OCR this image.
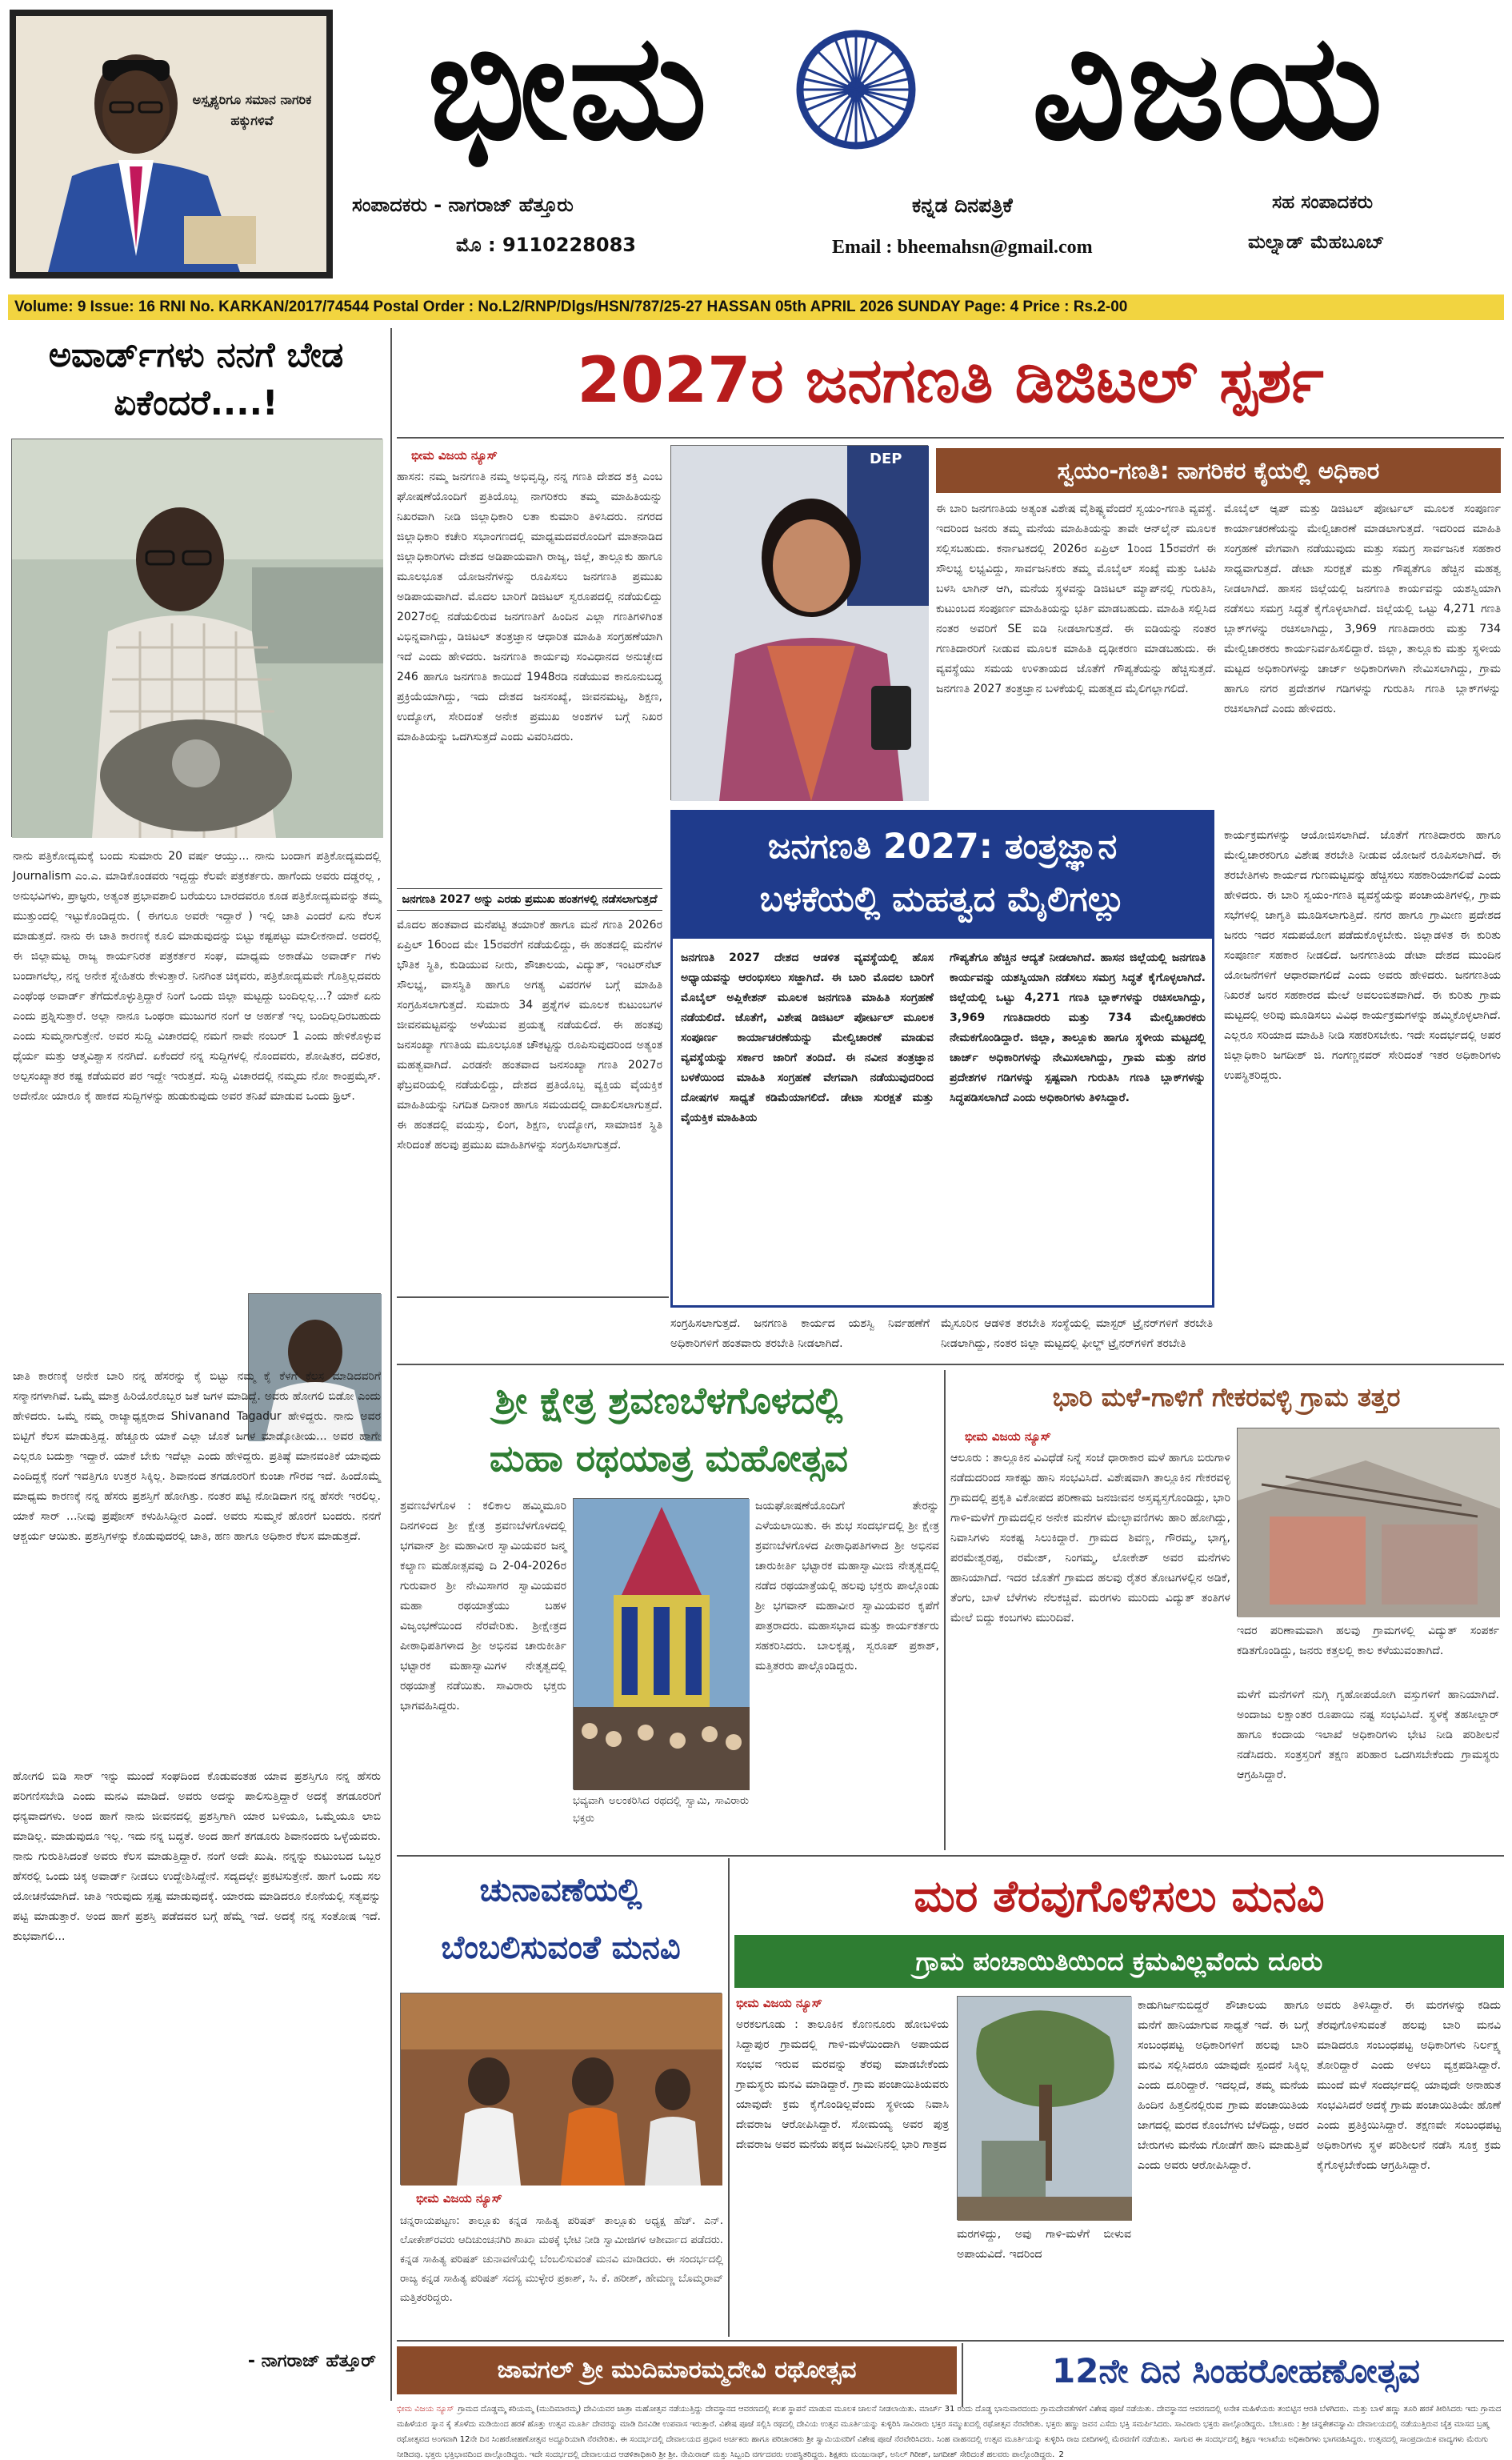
ಅಸ್ಪೃಶ್ಯರಿಗೂ ಸಮಾನ ನಾಗರಿಕ ಹಕ್ಕುಗಳಿವೆ	ಭೀಮ	ವಿಜಯ
ಸಂಪಾದಕರು - ನಾಗರಾಜ್ ಹೆತ್ತೂರು
ಮೊ : 9110228083
ಕನ್ನಡ ದಿನಪತ್ರಿಕೆ
Email : bheemahsn@gmail.com
ಸಹ ಸಂಪಾದಕರು
ಮಲ್ನಾಡ್ ಮೆಹಬೂಬ್
Volume: 9 Issue: 16 RNI No. KARKAN/2017/74544 Postal Order : No.L2/RNP/Dlgs/HSN/787/25-27 HASSAN 05th APRIL 2026 SUNDAY Page: 4 Price : Rs.2-00
ಅವಾರ್ಡ್‌ಗಳು ನನಗೆ ಬೇಡ ಏಕೆಂದರೆ....!
ನಾನು ಪತ್ರಿಕೋದ್ಯಮಕ್ಕೆ ಬಂದು ಸುಮಾರು 20 ವರ್ಷ ಆಯ್ತು... ನಾನು ಬಂದಾಗ ಪತ್ರಿಕೋದ್ಯಮದಲ್ಲಿ Journalism ಎಂ.ಎ. ಮಾಡಿಕೊಂಡವರು ಇದ್ದದ್ದು ಕೆಲವೇ ಪತ್ರಕರ್ತರು. ಹಾಗೆಂದು ಅವರು ದಡ್ಡರಲ್ಲ , ಅನುಭವಿಗಳು, ಪ್ರಾಜ್ಞರು, ಅತ್ಯಂತ ಪ್ರಭಾವಶಾಲಿ ಬರೆಯಲು ಬಾರದವರೂ ಕೂಡ ಪತ್ರಿಕೋದ್ಯಮವನ್ನು ತಮ್ಮ ಮುತ್ತುಂದಲ್ಲಿ ಇಟ್ಟುಕೊಂಡಿದ್ದರು. ( ಈಗಲೂ ಅವರೇ ಇದ್ದಾರೆ ) ಇಲ್ಲಿ ಜಾತಿ ಎಂದರೆ ಏನು ಕೆಲಸ ಮಾಡುತ್ತದೆ. ನಾನು ಈ ಜಾತಿ ಕಾರಣಕ್ಕೆ ಕೂಲಿ ಮಾಡುವುದನ್ನು ಬಿಟ್ಟು ಕಷ್ಟಪಟ್ಟು ಮಾಲೀಕನಾದೆ. ಅದರಲ್ಲಿ ಈ ಜಿಲ್ಲಾಮಟ್ಟ ರಾಜ್ಯ ಕಾರ್ಯನಿರತ ಪತ್ರಕರ್ತರ ಸಂಘ, ಮಾಧ್ಯಮ ಅಕಾಡೆಮಿ ಅವಾರ್ಡ್ ಗಳು ಬಂದಾಗಲೆಲ್ಲ, ನನ್ನ ಅನೇಕ ಸ್ನೇಹಿತರು ಕೇಳುತ್ತಾರೆ. ನಿನಗಿಂತ ಚಿಕ್ಕವರು, ಪತ್ರಿಕೋದ್ಯಮವೇ ಗೊತ್ತಿಲ್ಲದವರು ಎಂಥೆಂಥ ಅವಾರ್ಡ್ ತೆಗೆದುಕೊಳ್ಳುತ್ತಿದ್ದಾರೆ ನಿಂಗೆ ಒಂದು ಜಿಲ್ಲಾ ಮಟ್ಟದ್ದು ಬಂದಿಲ್ಲಲ್ಲ...? ಯಾಕೆ ಏನು ಎಂದು ಪ್ರಶ್ನಿಸುತ್ತಾರೆ. ಅಲ್ಲಾ ನಾನೂ ಒಂಥರಾ ಮುಜುಗರ ನಂಗೆ ಆ ಅರ್ಹತೆ ಇಲ್ಲ ಬಂದಿಲ್ಲದಿರಬಹುದು ಎಂದು ಸುಮ್ಮನಾಗುತ್ತೇನೆ. ಅವರ ಸುದ್ದಿ ವಿಚಾರದಲ್ಲಿ ನಮಗೆ ನಾವೇ ನಂಬರ್ 1 ಎಂದು ಹೇಳಿಕೊಳ್ಳುವ ಧೈರ್ಯ ಮತ್ತು ಆತ್ಮವಿಶ್ವಾಸ ನನಗಿದೆ. ಏಕೆಂದರೆ ನನ್ನ ಸುದ್ದಿಗಳಲ್ಲಿ ನೊಂದವರು, ಶೋಷಿತರ, ದಲಿತರ, ಅಲ್ಪಸಂಖ್ಯಾತರ ಕಷ್ಟ ಕಡೆಯವರ ಪರ ಇದ್ದೇ ಇರುತ್ತದೆ. ಸುದ್ದಿ ವಿಚಾರದಲ್ಲಿ ನಮ್ಮದು ನೋ ಕಾಂಪ್ರಮೈಸ್. ಅದೇನೋ ಯಾರೂ ಕೈ ಹಾಕದ ಸುದ್ದಿಗಳನ್ನು ಹುಡುಕುವುದು ಅವರ ತನಿಖೆ ಮಾಡುವ ಒಂದು ಥ್ರಿಲ್.
ಜಾತಿ ಕಾರಣಕ್ಕೆ ಅನೇಕ ಬಾರಿ ನನ್ನ ಹೆಸರನ್ನು ಕೈ ಬಿಟ್ಟು ನಮ್ಮ ಕೈ ಕೆಳಗೆ ಕೆಲಸ ಮಾಡಿದವರಿಗೆ ಸನ್ಮಾನಗಳಾಗಿವೆ. ಒಮ್ಮೆ ಮಾತ್ರ ಹಿರಿಯೊರೊಬ್ಬರ ಜತೆ ಜಗಳ ಮಾಡಿದ್ದೆ. ಅವರು ಹೋಗಲಿ ಬಿಡೋ ಎಂದು ಹೇಳಿದರು. ಒಮ್ಮೆ ನಮ್ಮ ರಾಜ್ಯಾಧ್ಯಕ್ಷರಾದ Shivanand Tagadur ಹೇಳಿದ್ದರು. ನಾನು ಅವರ ಬಿಟ್ಟಿಗೆ ಕೆಲಸ ಮಾಡುತ್ತಿದ್ದ. ಹೆಚ್ಚೂರು ಯಾಕೆ ಎಲ್ಲಾ ಜೊತೆ ಜಗಳ ಮಾಡ್ಕೋತೀಯ... ಅವರ ಹಾಗೇ ಎಲ್ಲರೂ ಬದುಕ್ತಾ ಇದ್ದಾರೆ. ಯಾಕೆ ಬೇಕು ಇದೆಲ್ಲಾ ಎಂದು ಹೇಳಿದ್ದರು. ಪ್ರತಿಷ್ಠೆ ಮಾನವಂತಿಕೆ ಯಾವುದು ಎಂದಿದ್ದಕ್ಕೆ ನಂಗೆ ಇವತ್ತಿಗೂ ಉತ್ತರ ಸಿಕ್ಕಿಲ್ಲ. ಶಿವಾನಂದ ತಗಡೂರರಿಗೆ ಕುಂಚಾ ಗೌರವ ಇದೆ. ಹಿಂದೊಮ್ಮೆ ಮಾಧ್ಯಮ ಕಾರಣಕ್ಕೆ ನನ್ನ ಹೆಸರು ಪ್ರಶಸ್ತಿಗೆ ಹೋಗಿತ್ತು. ನಂತರ ಪಟ್ಟಿ ನೋಡಿದಾಗ ನನ್ನ ಹೆಸರೇ ಇರಲಿಲ್ಲ. ಯಾಕೆ ಸಾರ್ ...ನೀವು ಪ್ರಪೋಸ್ ಕಳುಹಿಸಿದ್ದೀರ ಎಂದೆ. ಅವರು ಸುಮ್ಮನೆ ಹೊರಗೆ ಬಂದರು. ನನಗೆ ಆಶ್ಚರ್ಯ ಆಯಿತು. ಪ್ರಶಸ್ತಿಗಳನ್ನು ಕೊಡುವುದರಲ್ಲಿ ಜಾತಿ, ಹಣ ಹಾಗೂ ಅಧಿಕಾರ ಕೆಲಸ ಮಾಡುತ್ತದೆ.
ಹೋಗಲಿ ಬಿಡಿ ಸಾರ್ ಇನ್ನು ಮುಂದೆ ಸಂಘದಿಂದ ಕೊಡುವಂತಹ ಯಾವ ಪ್ರಶಸ್ತಿಗೂ ನನ್ನ ಹೆಸರು ಪರಿಗಣಿಸಬೇಡಿ ಎಂದು ಮನವಿ ಮಾಡಿದೆ. ಅವರು ಅದನ್ನು ಪಾಲಿಸುತ್ತಿದ್ದಾರೆ ಅದಕ್ಕೆ ತಗಡೂರರಿಗೆ ಧನ್ಯವಾದಗಳು. ಅಂದ ಹಾಗೆ ನಾನು ಜೀವನದಲ್ಲಿ ಪ್ರಶಸ್ತಿಗಾಗಿ ಯಾರ ಬಳಿಯೂ, ಒಮ್ಮೆಯೂ ಲಾಬಿ ಮಾಡಿಲ್ಲ. ಮಾಡುವುದೂ ಇಲ್ಲ. ಇದು ನನ್ನ ಬದ್ಧತೆ. ಅಂದ ಹಾಗೆ ತಗಡೂರು ಶಿವಾನಂದರು ಒಳ್ಳೆಯವರು. ನಾನು ಗುರುತಿಸಿದಂತೆ ಅವರು ಕೆಲಸ ಮಾಡುತ್ತಿದ್ದಾರೆ. ನಂಗೆ ಅದೇ ಖುಷಿ. ನನ್ನನ್ನು ಕುಟುಂಬದ ಒಬ್ಬರ ಹೆಸರಲ್ಲಿ ಒಂದು ಚಿಕ್ಕ ಅವಾರ್ಡ್ ನೀಡಲು ಉದ್ದೇಶಿಸಿದ್ದೇನೆ. ಸದ್ಯದಲ್ಲೇ ಪ್ರಕಟಿಸುತ್ತೇನೆ. ಹಾಗೆ ಒಂದು ಸಲ ಯೋಚನೆಯಾಗಿದೆ. ಜಾತಿ ಇರುವುದು ಸ್ಪಷ್ಟ ಮಾಡುವುದಕ್ಕೆ. ಯಾರದು ಮಾಡಿದರೂ ಕೊನೆಯಲ್ಲಿ ಸತ್ಯವನ್ನು ಪಟ್ಟಿ ಮಾಡುತ್ತಾರೆ. ಅಂದ ಹಾಗೆ ಪ್ರಶಸ್ತಿ ಪಡೆದವರ ಬಗ್ಗೆ ಹೆಮ್ಮೆ ಇದೆ. ಅದಕ್ಕೆ ನನ್ನ ಸಂತೋಷ ಇದೆ. ಶುಭವಾಗಲಿ...
- ನಾಗರಾಜ್ ಹೆತ್ತೂರ್
2027ರ ಜನಗಣತಿ ಡಿಜಿಟಲ್ ಸ್ಪರ್ಶ
ಭೀಮ ವಿಜಯ ನ್ಯೂಸ್
ಹಾಸನ: ನಮ್ಮ ಜನಗಣತಿ ನಮ್ಮ ಅಭಿವೃದ್ಧಿ, ನನ್ನ ಗಣತಿ ದೇಶದ ಶಕ್ತಿ ಎಂಬ ಘೋಷಣೆಯೊಂದಿಗೆ ಪ್ರತಿಯೊಬ್ಬ ನಾಗರಿಕರು ತಮ್ಮ ಮಾಹಿತಿಯನ್ನು ನಿಖರವಾಗಿ ನೀಡಿ ಜಿಲ್ಲಾಧಿಕಾರಿ ಲತಾ ಕುಮಾರಿ ತಿಳಿಸಿದರು. ನಗರದ ಜಿಲ್ಲಾಧಿಕಾರಿ ಕಚೇರಿ ಸಭಾಂಗಣದಲ್ಲಿ ಮಾಧ್ಯಮದವರೊಂದಿಗೆ ಮಾತನಾಡಿದ ಜಿಲ್ಲಾಧಿಕಾರಿಗಳು ದೇಶದ ಅಡಿಪಾಯವಾಗಿ ರಾಜ್ಯ, ಜಿಲ್ಲೆ, ತಾಲ್ಲೂಕು ಹಾಗೂ ಮೂಲಭೂತ ಯೋಜನೆಗಳನ್ನು ರೂಪಿಸಲು ಜನಗಣತಿ ಪ್ರಮುಖ ಅಡಿಪಾಯವಾಗಿದೆ. ಮೊದಲ ಬಾರಿಗೆ ಡಿಜಿಟಲ್ ಸ್ವರೂಪದಲ್ಲಿ ನಡೆಯಲಿದ್ದು 2027ರಲ್ಲಿ ನಡೆಯಲಿರುವ ಜನಗಣತಿಗೆ ಹಿಂದಿನ ಎಲ್ಲಾ ಗಣತಿಗಳಿಗಿಂತ ವಿಭಿನ್ನವಾಗಿದ್ದು, ಡಿಜಿಟಲ್ ತಂತ್ರಜ್ಞಾನ ಆಧಾರಿತ ಮಾಹಿತಿ ಸಂಗ್ರಹಣೆಯಾಗಿ ಇದೆ ಎಂದು ಹೇಳಿದರು. ಜನಗಣತಿ ಕಾರ್ಯವು ಸಂವಿಧಾನದ ಅನುಚ್ಛೇದ 246 ಹಾಗೂ ಜನಗಣತಿ ಕಾಯಿದೆ 1948ರಡಿ ನಡೆಯುವ ಕಾನೂನುಬದ್ಧ ಪ್ರಕ್ರಿಯೆಯಾಗಿದ್ದು, ಇದು ದೇಶದ ಜನಸಂಖ್ಯೆ, ಜೀವನಮಟ್ಟ, ಶಿಕ್ಷಣ, ಉದ್ಯೋಗ, ಸೇರಿದಂತೆ ಅನೇಕ ಪ್ರಮುಖ ಅಂಶಗಳ ಬಗ್ಗೆ ನಿಖರ ಮಾಹಿತಿಯನ್ನು ಒದಗಿಸುತ್ತದೆ ಎಂದು ವಿವರಿಸಿದರು.
ಜನಗಣತಿ 2027 ಅನ್ನು ಎರಡು ಪ್ರಮುಖ ಹಂತಗಳಲ್ಲಿ ನಡೆಸಲಾಗುತ್ತದೆ
ಮೊದಲ ಹಂತವಾದ ಮನೆಪಟ್ಟಿ ತಯಾರಿಕೆ ಹಾಗೂ ಮನೆ ಗಣತಿ 2026ರ ಏಪ್ರಿಲ್ 16ರಿಂದ ಮೇ 15ರವರೆಗೆ ನಡೆಯಲಿದ್ದು, ಈ ಹಂತದಲ್ಲಿ ಮನೆಗಳ ಭೌತಿಕ ಸ್ಥಿತಿ, ಕುಡಿಯುವ ನೀರು, ಶೌಚಾಲಯ, ವಿದ್ಯುತ್, ಇಂಟರ್‌ನೆಟ್ ಸೌಲಭ್ಯ, ವಾಸಸ್ಥಿತಿ ಹಾಗೂ ಅಗತ್ಯ ವಿವರಗಳ ಬಗ್ಗೆ ಮಾಹಿತಿ ಸಂಗ್ರಹಿಸಲಾಗುತ್ತದೆ. ಸುಮಾರು 34 ಪ್ರಶ್ನೆಗಳ ಮೂಲಕ ಕುಟುಂಬಗಳ ಜೀವನಮಟ್ಟವನ್ನು ಅಳೆಯುವ ಪ್ರಯತ್ನ ನಡೆಯಲಿದೆ. ಈ ಹಂತವು ಜನಸಂಖ್ಯಾ ಗಣತಿಯ ಮೂಲಭೂತ ಚೌಕಟ್ಟನ್ನು ರೂಪಿಸುವುದರಿಂದ ಅತ್ಯಂತ ಮಹತ್ವವಾಗಿದೆ. ಎರಡನೇ ಹಂತವಾದ ಜನಸಂಖ್ಯಾ ಗಣತಿ 2027ರ ಫೆಬ್ರವರಿಯಲ್ಲಿ ನಡೆಯಲಿದ್ದು, ದೇಶದ ಪ್ರತಿಯೊಬ್ಬ ವ್ಯಕ್ತಿಯ ವೈಯಕ್ತಿಕ ಮಾಹಿತಿಯನ್ನು ನಿಗದಿತ ದಿನಾಂಕ ಹಾಗೂ ಸಮಯದಲ್ಲಿ ದಾಖಲಿಸಲಾಗುತ್ತದೆ. ಈ ಹಂತದಲ್ಲಿ ವಯಸ್ಸು, ಲಿಂಗ, ಶಿಕ್ಷಣ, ಉದ್ಯೋಗ, ಸಾಮಾಜಿಕ ಸ್ಥಿತಿ ಸೇರಿದಂತೆ ಹಲವು ಪ್ರಮುಖ ಮಾಹಿತಿಗಳನ್ನು ಸಂಗ್ರಹಿಸಲಾಗುತ್ತದೆ.
DEP	ಸ್ವಯಂ-ಗಣತಿ: ನಾಗರಿಕರ ಕೈಯಲ್ಲಿ ಅಧಿಕಾರ
ಈ ಬಾರಿ ಜನಗಣತಿಯ ಅತ್ಯಂತ ವಿಶೇಷ ವೈಶಿಷ್ಟ್ಯವೆಂದರೆ ಸ್ವಯಂ-ಗಣತಿ ವ್ಯವಸ್ಥೆ. ಇದರಿಂದ ಜನರು ತಮ್ಮ ಮನೆಯ ಮಾಹಿತಿಯನ್ನು ತಾವೇ ಆನ್‌ಲೈನ್ ಮೂಲಕ ಸಲ್ಲಿಸಬಹುದು. ಕರ್ನಾಟಕದಲ್ಲಿ 2026ರ ಏಪ್ರಿಲ್ 1ರಿಂದ 15ರವರೆಗೆ ಈ ಸೌಲಭ್ಯ ಲಭ್ಯವಿದ್ದು, ಸಾರ್ವಜನಿಕರು ತಮ್ಮ ಮೊಬೈಲ್ ಸಂಖ್ಯೆ ಮತ್ತು ಒಟಿಪಿ ಬಳಸಿ ಲಾಗಿನ್ ಆಗಿ, ಮನೆಯ ಸ್ಥಳವನ್ನು ಡಿಜಿಟಲ್ ಮ್ಯಾಪ್‌ನಲ್ಲಿ ಗುರುತಿಸಿ, ಕುಟುಂಬದ ಸಂಪೂರ್ಣ ಮಾಹಿತಿಯನ್ನು ಭರ್ತಿ ಮಾಡಬಹುದು. ಮಾಹಿತಿ ಸಲ್ಲಿಸಿದ ನಂತರ ಅವರಿಗೆ SE ಐಡಿ ನೀಡಲಾಗುತ್ತದೆ. ಈ ಐಡಿಯನ್ನು ನಂತರ ಗಣತಿದಾರರಿಗೆ ನೀಡುವ ಮೂಲಕ ಮಾಹಿತಿ ದೃಢೀಕರಣ ಮಾಡಬಹುದು. ಈ ವ್ಯವಸ್ಥೆಯು ಸಮಯ ಉಳಿತಾಯದ ಜೊತೆಗೆ ಗೌಪ್ಯತೆಯನ್ನು ಹೆಚ್ಚಿಸುತ್ತದೆ. ಜನಗಣತಿ 2027 ತಂತ್ರಜ್ಞಾನ ಬಳಕೆಯಲ್ಲಿ ಮಹತ್ವದ ಮೈಲಿಗಲ್ಲಾಗಲಿದೆ.
ಮೊಬೈಲ್ ಆ್ಯಪ್ ಮತ್ತು ಡಿಜಿಟಲ್ ಪೋರ್ಟಲ್ ಮೂಲಕ ಸಂಪೂರ್ಣ ಕಾರ್ಯಾಚರಣೆಯನ್ನು ಮೇಲ್ವಿಚಾರಣೆ ಮಾಡಲಾಗುತ್ತದೆ. ಇದರಿಂದ ಮಾಹಿತಿ ಸಂಗ್ರಹಣೆ ವೇಗವಾಗಿ ನಡೆಯುವುದು ಮತ್ತು ಸಮಗ್ರ ಸಾರ್ವಜನಿಕ ಸಹಕಾರ ಸಾಧ್ಯವಾಗುತ್ತದೆ. ಡೇಟಾ ಸುರಕ್ಷತೆ ಮತ್ತು ಗೌಪ್ಯತೆಗೂ ಹೆಚ್ಚಿನ ಮಹತ್ವ ನೀಡಲಾಗಿದೆ. ಹಾಸನ ಜಿಲ್ಲೆಯಲ್ಲಿ ಜನಗಣತಿ ಕಾರ್ಯವನ್ನು ಯಶಸ್ವಿಯಾಗಿ ನಡೆಸಲು ಸಮಗ್ರ ಸಿದ್ಧತೆ ಕೈಗೊಳ್ಳಲಾಗಿದೆ. ಜಿಲ್ಲೆಯಲ್ಲಿ ಒಟ್ಟು 4,271 ಗಣತಿ ಬ್ಲಾಕ್‌ಗಳನ್ನು ರಚಿಸಲಾಗಿದ್ದು, 3,969 ಗಣತಿದಾರರು ಮತ್ತು 734 ಮೇಲ್ವಿಚಾರಕರು ಕಾರ್ಯನಿರ್ವಹಿಸಲಿದ್ದಾರೆ. ಜಿಲ್ಲಾ, ತಾಲ್ಲೂಕು ಮತ್ತು ಸ್ಥಳೀಯ ಮಟ್ಟದ ಅಧಿಕಾರಿಗಳನ್ನು ಚಾರ್ಜ್ ಅಧಿಕಾರಿಗಳಾಗಿ ನೇಮಿಸಲಾಗಿದ್ದು, ಗ್ರಾಮ ಹಾಗೂ ನಗರ ಪ್ರದೇಶಗಳ ಗಡಿಗಳನ್ನು ಗುರುತಿಸಿ ಗಣತಿ ಬ್ಲಾಕ್‌ಗಳನ್ನು ರಚಿಸಲಾಗಿದೆ ಎಂದು ಹೇಳಿದರು.
ಜನಗಣತಿ 2027: ತಂತ್ರಜ್ಞಾನ
ಬಳಕೆಯಲ್ಲಿ ಮಹತ್ವದ ಮೈಲಿಗಲ್ಲು
ಜನಗಣತಿ 2027 ದೇಶದ ಆಡಳಿತ ವ್ಯವಸ್ಥೆಯಲ್ಲಿ ಹೊಸ ಅಧ್ಯಾಯವನ್ನು ಆರಂಭಿಸಲು ಸಜ್ಜಾಗಿದೆ. ಈ ಬಾರಿ ಮೊದಲ ಬಾರಿಗೆ ಮೊಬೈಲ್ ಅಪ್ಲಿಕೇಶನ್ ಮೂಲಕ ಜನಗಣತಿ ಮಾಹಿತಿ ಸಂಗ್ರಹಣೆ ನಡೆಯಲಿದೆ. ಜೊತೆಗೆ, ವಿಶೇಷ ಡಿಜಿಟಲ್ ಪೋರ್ಟಲ್ ಮೂಲಕ ಸಂಪೂರ್ಣ ಕಾರ್ಯಾಚರಣೆಯನ್ನು ಮೇಲ್ವಿಚಾರಣೆ ಮಾಡುವ ವ್ಯವಸ್ಥೆಯನ್ನು ಸರ್ಕಾರ ಜಾರಿಗೆ ತಂದಿದೆ. ಈ ನವೀನ ತಂತ್ರಜ್ಞಾನ ಬಳಕೆಯಿಂದ ಮಾಹಿತಿ ಸಂಗ್ರಹಣೆ ವೇಗವಾಗಿ ನಡೆಯುವುದರಿಂದ ದೋಷಗಳ ಸಾಧ್ಯತೆ ಕಡಿಮೆಯಾಗಲಿದೆ. ಡೇಟಾ ಸುರಕ್ಷತೆ ಮತ್ತು ವೈಯಕ್ತಿಕ ಮಾಹಿತಿಯ
ಗೌಪ್ಯತೆಗೂ ಹೆಚ್ಚಿನ ಆದ್ಯತೆ ನೀಡಲಾಗಿದೆ. ಹಾಸನ ಜಿಲ್ಲೆಯಲ್ಲಿ ಜನಗಣತಿ ಕಾರ್ಯವನ್ನು ಯಶಸ್ವಿಯಾಗಿ ನಡೆಸಲು ಸಮಗ್ರ ಸಿದ್ಧತೆ ಕೈಗೊಳ್ಳಲಾಗಿದೆ. ಜಿಲ್ಲೆಯಲ್ಲಿ ಒಟ್ಟು 4,271 ಗಣತಿ ಬ್ಲಾಕ್‌ಗಳನ್ನು ರಚಿಸಲಾಗಿದ್ದು, 3,969 ಗಣತಿದಾರರು ಮತ್ತು 734 ಮೇಲ್ವಿಚಾರಕರು ನೇಮಕಗೊಂಡಿದ್ದಾರೆ. ಜಿಲ್ಲಾ, ತಾಲ್ಲೂಕು ಹಾಗೂ ಸ್ಥಳೀಯ ಮಟ್ಟದಲ್ಲಿ ಚಾರ್ಜ್ ಅಧಿಕಾರಿಗಳನ್ನು ನೇಮಿಸಲಾಗಿದ್ದು, ಗ್ರಾಮ ಮತ್ತು ನಗರ ಪ್ರದೇಶಗಳ ಗಡಿಗಳನ್ನು ಸ್ಪಷ್ಟವಾಗಿ ಗುರುತಿಸಿ ಗಣತಿ ಬ್ಲಾಕ್‌ಗಳನ್ನು ಸಿದ್ಧಪಡಿಸಲಾಗಿದೆ ಎಂದು ಅಧಿಕಾರಿಗಳು ತಿಳಿಸಿದ್ದಾರೆ.
ಸಂಗ್ರಹಿಸಲಾಗುತ್ತದೆ. ಜನಗಣತಿ ಕಾರ್ಯದ ಯಶಸ್ವಿ ನಿರ್ವಹಣೆಗೆ ಅಧಿಕಾರಿಗಳಿಗೆ ಹಂತವಾರು ತರಬೇತಿ ನೀಡಲಾಗಿದೆ.
ಮೈಸೂರಿನ ಆಡಳಿತ ತರಬೇತಿ ಸಂಸ್ಥೆಯಲ್ಲಿ ಮಾಸ್ಟರ್ ಟ್ರೈನರ್‌ಗಳಿಗೆ ತರಬೇತಿ ನೀಡಲಾಗಿದ್ದು, ನಂತರ ಜಿಲ್ಲಾ ಮಟ್ಟದಲ್ಲಿ ಫೀಲ್ಡ್ ಟ್ರೈನರ್‌ಗಳಿಗೆ ತರಬೇತಿ
ಕಾರ್ಯಕ್ರಮಗಳನ್ನು ಆಯೋಜಿಸಲಾಗಿದೆ. ಜೊತೆಗೆ ಗಣತಿದಾರರು ಹಾಗೂ ಮೇಲ್ವಿಚಾರಕರಿಗೂ ವಿಶೇಷ ತರಬೇತಿ ನೀಡುವ ಯೋಜನೆ ರೂಪಿಸಲಾಗಿದೆ. ಈ ತರಬೇತಿಗಳು ಕಾರ್ಯದ ಗುಣಮಟ್ಟವನ್ನು ಹೆಚ್ಚಿಸಲು ಸಹಕಾರಿಯಾಗಲಿವೆ ಎಂದು ಹೇಳಿದರು. ಈ ಬಾರಿ ಸ್ವಯಂ-ಗಣತಿ ವ್ಯವಸ್ಥೆಯನ್ನು ಪಂಚಾಯತಿಗಳಲ್ಲಿ, ಗ್ರಾಮ ಸಭೆಗಳಲ್ಲಿ ಜಾಗೃತಿ ಮೂಡಿಸಲಾಗುತ್ತಿದೆ. ನಗರ ಹಾಗೂ ಗ್ರಾಮೀಣ ಪ್ರದೇಶದ ಜನರು ಇದರ ಸದುಪಯೋಗ ಪಡೆದುಕೊಳ್ಳಬೇಕು. ಜಿಲ್ಲಾಡಳಿತ ಈ ಕುರಿತು ಸಂಪೂರ್ಣ ಸಹಕಾರ ನೀಡಲಿದೆ. ಜನಗಣತಿಯ ಡೇಟಾ ದೇಶದ ಮುಂದಿನ ಯೋಜನೆಗಳಿಗೆ ಆಧಾರವಾಗಲಿದೆ ಎಂದು ಅವರು ಹೇಳಿದರು. ಜನಗಣತಿಯ ನಿಖರತೆ ಜನರ ಸಹಕಾರದ ಮೇಲೆ ಅವಲಂಬಿತವಾಗಿದೆ. ಈ ಕುರಿತು ಗ್ರಾಮ ಮಟ್ಟದಲ್ಲಿ ಅರಿವು ಮೂಡಿಸಲು ವಿವಿಧ ಕಾರ್ಯಕ್ರಮಗಳನ್ನು ಹಮ್ಮಿಕೊಳ್ಳಲಾಗಿದೆ. ಎಲ್ಲರೂ ಸರಿಯಾದ ಮಾಹಿತಿ ನೀಡಿ ಸಹಕರಿಸಬೇಕು. ಇದೇ ಸಂದರ್ಭದಲ್ಲಿ ಅಪರ ಜಿಲ್ಲಾಧಿಕಾರಿ ಜಗದೀಶ್ ಜಿ. ಗಂಗಣ್ಣನವರ್ ಸೇರಿದಂತೆ ಇತರ ಅಧಿಕಾರಿಗಳು ಉಪಸ್ಥಿತರಿದ್ದರು.
ಶ್ರೀ ಕ್ಷೇತ್ರ ಶ್ರವಣಬೆಳಗೊಳದಲ್ಲಿ
ಮಹಾ ರಥಯಾತ್ರ ಮಹೋತ್ಸವ
ಶ್ರವಣಬೆಳಗೊಳ : ಕಲಿಕಾಲ ಹಮ್ಮಿಮೂರಿ ದಿನಗಳಿಂದ ಶ್ರೀ ಕ್ಷೇತ್ರ ಶ್ರವಣಬೆಳಗೊಳದಲ್ಲಿ ಭಗವಾನ್ ಶ್ರೀ ಮಹಾವೀರ ಸ್ವಾಮಿಯವರ ಜನ್ಮ ಕಲ್ಯಾಣ ಮಹೋತ್ಸವವು ದಿ 2-04-2026ರ ಗುರುವಾರ ಶ್ರೀ ನೇಮಿಸಾಗರ ಸ್ವಾಮಿಯವರ ಮಹಾ ರಥಯಾತ್ರೆಯು ಬಹಳ ವಿಜೃಂಭಣೆಯಿಂದ ನೆರವೇರಿತು. ಶ್ರೀಕ್ಷೇತ್ರದ ಪೀಠಾಧಿಪತಿಗಳಾದ ಶ್ರೀ ಅಭಿನವ ಚಾರುಕೀರ್ತಿ ಭಟ್ಟಾರಕ ಮಹಾಸ್ವಾಮಿಗಳ ನೇತೃತ್ವದಲ್ಲಿ ರಥಯಾತ್ರೆ ನಡೆಯಿತು. ಸಾವಿರಾರು ಭಕ್ತರು ಭಾಗವಹಿಸಿದ್ದರು.
ಭವ್ಯವಾಗಿ ಅಲಂಕರಿಸಿದ ರಥದಲ್ಲಿ ಸ್ವಾಮಿ, ಸಾವಿರಾರು ಭಕ್ತರು
ಜಯಘೋಷಣೆಯೊಂದಿಗೆ ತೇರನ್ನು ಎಳೆಯಲಾಯಿತು. ಈ ಶುಭ ಸಂದರ್ಭದಲ್ಲಿ ಶ್ರೀ ಕ್ಷೇತ್ರ ಶ್ರವಣಬೆಳಗೊಳದ ಪೀಠಾಧಿಪತಿಗಳಾದ ಶ್ರೀ ಅಭಿನವ ಚಾರುಕೀರ್ತಿ ಭಟ್ಟಾರಕ ಮಹಾಸ್ವಾಮೀಜಿ ನೇತೃತ್ವದಲ್ಲಿ ನಡೆದ ರಥಯಾತ್ರೆಯಲ್ಲಿ ಹಲವು ಭಕ್ತರು ಪಾಲ್ಗೊಂಡು ಶ್ರೀ ಭಗವಾನ್ ಮಹಾವೀರ ಸ್ವಾಮಿಯವರ ಕೃಪೆಗೆ ಪಾತ್ರರಾದರು. ಮಹಾಸಭಾದ ಮತ್ತು ಕಾರ್ಯಕರ್ತರು ಸಹಕರಿಸಿದರು. ಬಾಲಕೃಷ್ಣ, ಸ್ವರೂಪ್ ಪ್ರಕಾಶ್, ಮತ್ತಿತರರು ಪಾಲ್ಗೊಂಡಿದ್ದರು.
ಭಾರಿ ಮಳೆ-ಗಾಳಿಗೆ ಗೇಕರವಳ್ಳಿ ಗ್ರಾಮ ತತ್ತರ
ಭೀಮ ವಿಜಯ ನ್ಯೂಸ್
ಆಲೂರು : ತಾಲ್ಲೂಕಿನ ವಿವಿಧೆಡೆ ನಿನ್ನೆ ಸಂಜೆ ಧಾರಾಕಾರ ಮಳೆ ಹಾಗೂ ಬಿರುಗಾಳಿ ನಡೆದುದರಿಂದ ಸಾಕಷ್ಟು ಹಾನಿ ಸಂಭವಿಸಿದೆ. ವಿಶೇಷವಾಗಿ ತಾಲ್ಲೂಕಿನ ಗೇಕರವಳ್ಳಿ ಗ್ರಾಮದಲ್ಲಿ ಪ್ರಕೃತಿ ವಿಕೋಪದ ಪರಿಣಾಮ ಜನಜೀವನ ಅಸ್ತವ್ಯಸ್ತಗೊಂಡಿದ್ದು, ಭಾರಿ ಗಾಳಿ-ಮಳೆಗೆ ಗ್ರಾಮದಲ್ಲಿನ ಅನೇಕ ಮನೆಗಳ ಮೇಲ್ಛಾವಣಿಗಳು ಹಾರಿ ಹೋಗಿದ್ದು, ನಿವಾಸಿಗಳು ಸಂಕಷ್ಟ ಸಿಲುಕಿದ್ದಾರೆ. ಗ್ರಾಮದ ಶಿವಣ್ಣ, ಗೌರಮ್ಮ, ಭಾಗ್ಯ, ಪರಮೇಶ್ವರಪ್ಪ, ರಮೇಶ್, ನಿಂಗಮ್ಮ, ಲೋಕೇಶ್ ಅವರ ಮನೆಗಳು ಹಾನಿಯಾಗಿದೆ. ಇದರ ಜೊತೆಗೆ ಗ್ರಾಮದ ಹಲವು ರೈತರ ತೋಟಗಳಲ್ಲಿನ ಅಡಿಕೆ, ತೆಂಗು, ಬಾಳೆ ಬೆಳೆಗಳು ನೆಲಕಚ್ಚಿವೆ. ಮರಗಳು ಮುರಿದು ವಿದ್ಯುತ್ ತಂತಿಗಳ ಮೇಲೆ ಬಿದ್ದು ಕಂಬಗಳು ಮುರಿದಿವೆ.
ಇದರ ಪರಿಣಾಮವಾಗಿ ಹಲವು ಗ್ರಾಮಗಳಲ್ಲಿ ವಿದ್ಯುತ್ ಸಂಪರ್ಕ ಕಡಿತಗೊಂಡಿದ್ದು, ಜನರು ಕತ್ತಲಲ್ಲಿ ಕಾಲ ಕಳೆಯುವಂತಾಗಿದೆ.
ಮಳೆಗೆ ಮನೆಗಳಿಗೆ ನುಗ್ಗಿ ಗೃಹೋಪಯೋಗಿ ವಸ್ತುಗಳಿಗೆ ಹಾನಿಯಾಗಿದೆ. ಅಂದಾಜು ಲಕ್ಷಾಂತರ ರೂಪಾಯಿ ನಷ್ಟ ಸಂಭವಿಸಿದೆ. ಸ್ಥಳಕ್ಕೆ ತಹಸೀಲ್ದಾರ್ ಹಾಗೂ ಕಂದಾಯ ಇಲಾಖೆ ಅಧಿಕಾರಿಗಳು ಭೇಟಿ ನೀಡಿ ಪರಿಶೀಲನೆ ನಡೆಸಿದರು. ಸಂತ್ರಸ್ತರಿಗೆ ತಕ್ಷಣ ಪರಿಹಾರ ಒದಗಿಸಬೇಕೆಂದು ಗ್ರಾಮಸ್ಥರು ಆಗ್ರಹಿಸಿದ್ದಾರೆ.
ಚುನಾವಣೆಯಲ್ಲಿ
ಬೆಂಬಲಿಸುವಂತೆ ಮನವಿ
ಭೀಮ ವಿಜಯ ನ್ಯೂಸ್
ಚನ್ನರಾಯಪಟ್ಟಣ: ತಾಲ್ಲೂಕು ಕನ್ನಡ ಸಾಹಿತ್ಯ ಪರಿಷತ್ ತಾಲ್ಲೂಕು ಅಧ್ಯಕ್ಷ ಹೆಚ್. ಎನ್. ಲೋಕೇಶ್‌ರವರು ಆದಿಚುಂಚನಗಿರಿ ಶಾಖಾ ಮಠಕ್ಕೆ ಭೇಟಿ ನೀಡಿ ಸ್ವಾಮೀಜಿಗಳ ಆಶೀರ್ವಾದ ಪಡೆದರು. ಕನ್ನಡ ಸಾಹಿತ್ಯ ಪರಿಷತ್ ಚುನಾವಣೆಯಲ್ಲಿ ಬೆಂಬಲಿಸುವಂತೆ ಮನವಿ ಮಾಡಿದರು. ಈ ಸಂದರ್ಭದಲ್ಲಿ ರಾಜ್ಯ ಕನ್ನಡ ಸಾಹಿತ್ಯ ಪರಿಷತ್ ಸದಸ್ಯ ಮುಳ್ಳೇರ ಪ್ರಕಾಶ್, ಸಿ. ಕೆ. ಹರೀಶ್, ಹೇಮಣ್ಣ ಬೊಮ್ಮರಾವ್ ಮತ್ತಿತರರಿದ್ದರು.
ಮರ ತೆರವುಗೊಳಿಸಲು ಮನವಿ
ಗ್ರಾಮ ಪಂಚಾಯಿತಿಯಿಂದ ಕ್ರಮವಿಲ್ಲವೆಂದು ದೂರು
ಭೀಮ ವಿಜಯ ನ್ಯೂಸ್
ಅರಕಲಗೂಡು : ತಾಲೂಕಿನ ಕೊಣನೂರು ಹೋಬಳಿಯ ಸಿದ್ದಾಪುರ ಗ್ರಾಮದಲ್ಲಿ ಗಾಳಿ-ಮಳೆಯಿಂದಾಗಿ ಅಪಾಯದ ಸಂಭವ ಇರುವ ಮರವನ್ನು ತೆರವು ಮಾಡಬೇಕೆಂದು ಗ್ರಾಮಸ್ಥರು ಮನವಿ ಮಾಡಿದ್ದಾರೆ. ಗ್ರಾಮ ಪಂಚಾಯಿತಿಯವರು ಯಾವುದೇ ಕ್ರಮ ಕೈಗೊಂಡಿಲ್ಲವೆಂದು ಸ್ಥಳೀಯ ನಿವಾಸಿ ದೇವರಾಜ ಆರೋಪಿಸಿದ್ದಾರೆ. ಸೋಮಯ್ಯ ಅವರ ಪುತ್ರ ದೇವರಾಜ ಅವರ ಮನೆಯ ಪಕ್ಕದ ಜಮೀನಿನಲ್ಲಿ ಭಾರಿ ಗಾತ್ರದ
ಮರಗಳಿದ್ದು, ಅವು ಗಾಳಿ-ಮಳೆಗೆ ಬೀಳುವ ಅಪಾಯವಿದೆ. ಇದರಿಂದ
ಕಾಡುಗಿರ್ಜನುಬಿದ್ದರೆ ಶೌಚಾಲಯ ಹಾಗೂ ಮನೆಗೆ ಹಾನಿಯಾಗುವ ಸಾಧ್ಯತೆ ಇದೆ. ಈ ಬಗ್ಗೆ ಸಂಬಂಧಪಟ್ಟ ಅಧಿಕಾರಿಗಳಿಗೆ ಹಲವು ಬಾರಿ ಮನವಿ ಸಲ್ಲಿಸಿದರೂ ಯಾವುದೇ ಸ್ಪಂದನೆ ಸಿಕ್ಕಿಲ್ಲ ಎಂದು ದೂರಿದ್ದಾರೆ. ಇದಲ್ಲದೆ, ತಮ್ಮ ಮನೆಯ ಹಿಂದಿನ ಹಿತ್ತಲಿನಲ್ಲಿರುವ ಗ್ರಾಮ ಪಂಚಾಯಿತಿಯ ಜಾಗದಲ್ಲಿ ಮರದ ಕೊಂಬೆಗಳು ಬೆಳೆದಿದ್ದು, ಅದರ ಬೇರುಗಳು ಮನೆಯ ಗೋಡೆಗೆ ಹಾನಿ ಮಾಡುತ್ತಿವೆ ಎಂದು ಅವರು ಆರೋಪಿಸಿದ್ದಾರೆ.
ಅವರು ತಿಳಿಸಿದ್ದಾರೆ. ಈ ಮರಗಳನ್ನು ಕಡಿದು ತೆರವುಗೊಳಿಸುವಂತೆ ಹಲವು ಬಾರಿ ಮನವಿ ಮಾಡಿದರೂ ಸಂಬಂಧಪಟ್ಟ ಅಧಿಕಾರಿಗಳು ನಿರ್ಲಕ್ಷ್ಯ ತೋರಿದ್ದಾರೆ ಎಂದು ಅಳಲು ವ್ಯಕ್ತಪಡಿಸಿದ್ದಾರೆ. ಮುಂದೆ ಮಳೆ ಸಂದರ್ಭದಲ್ಲಿ ಯಾವುದೇ ಅನಾಹುತ ಸಂಭವಿಸಿದರೆ ಅದಕ್ಕೆ ಗ್ರಾಮ ಪಂಚಾಯಿತಿಯೇ ಹೊಣೆ ಎಂದು ಪ್ರತಿಕ್ರಿಯಿಸಿದ್ದಾರೆ. ತಕ್ಷಣವೇ ಸಂಬಂಧಪಟ್ಟ ಅಧಿಕಾರಿಗಳು ಸ್ಥಳ ಪರಿಶೀಲನೆ ನಡೆಸಿ ಸೂಕ್ತ ಕ್ರಮ ಕೈಗೊಳ್ಳಬೇಕೆಂದು ಆಗ್ರಹಿಸಿದ್ದಾರೆ.
ಜಾವಗಲ್ ಶ್ರೀ ಮುದಿಮಾರಮ್ಮದೇವಿ ರಥೋತ್ಸವ	12ನೇ ದಿನ ಸಿಂಹರೋಹಣೋತ್ಸವ
ಭೀಮ ವಿಜಯ ನ್ಯೂಸ್ ಗ್ರಾಮದ ದೊಡ್ಡಮ್ಮ ಕರಿಯಮ್ಮ (ಮುದಿಮಾರಮ್ಮ) ದೇವಿಯವರ ಜಾತ್ರಾ ಮಹೋತ್ಸವ ನಡೆಯುತ್ತಿದ್ದು ದೇವಸ್ಥಾನದ ಆವರಣದಲ್ಲಿ ಕಲಶ ಸ್ಥಾಪನೆ ಮಾಡುವ ಮೂಲಕ ಚಾಲನೆ ನೀಡಲಾಯಿತು. ಮಾರ್ಚ್ 31 ರಂದು ದೊಡ್ಡ ಭಾನುವಾರದಂದು ಗ್ರಾಮದೇವತೆಗಳಿಗೆ ವಿಶೇಷ ಪೂಜೆ ನಡೆಯಿತು. ದೇವಸ್ಥಾನದ ಆವರಣದಲ್ಲಿ ಅನೇಕ ಮಹಿಳೆಯರು ತಂಬಿಟ್ಟಿನ ಆರತಿ ಬೆಳಗಿದರು. ಮತ್ತು ಬಾಳೆ ಹಣ್ಣು ತೂರಿ ಹರಕೆ ತೀರಿಸಿದರು ಇದು ಗ್ರಾಮದ ಮಹಿಳೆಯರ ಸ್ನಾನ ಕೈ ತೊಳೆದು ಮಡಿಯಿಂದ ಹರಕೆ ಹೊತ್ತು ಉತ್ಸವ ಮೂರ್ತಿ ದೇವರನ್ನು ಮಾಡಿ ದಿನವಿಡೀ ಉಪವಾಸ ಇರುತ್ತಾರೆ. ವಿಶೇಷ ಪೂಜೆ ಸಲ್ಲಿಸಿ ರಥದಲ್ಲಿ ದೇವಿಯ ಉತ್ಸವ ಮೂರ್ತಿಯನ್ನು ಕುಳ್ಳಿರಿಸಿ ಸಾವಿರಾರು ಭಕ್ತರ ಸಮ್ಮುಖದಲ್ಲಿ ರಥೋತ್ಸವ ನೆರವೇರಿತು. ಭಕ್ತರು ಹಣ್ಣು ಜವನ ಎಸೆದು ಭಕ್ತಿ ಸಮರ್ಪಿಸಿದರು. ಸಾವಿರಾರು ಭಕ್ತರು ಪಾಲ್ಗೊಂಡಿದ್ದರು. ಬೇಲೂರು : ಶ್ರೀ ಚನ್ನಕೇಶವಸ್ವಾಮಿ ದೇವಾಲಯದಲ್ಲಿ ನಡೆಯುತ್ತಿರುವ ಚೈತ್ರ ಮಾಸದ ಬ್ರಹ್ಮ ರಥೋತ್ಸವದ ಅಂಗವಾಗಿ 12ನೇ ದಿನ ಸಿಂಹರೋಹಣೋತ್ಸವ ಅದ್ದೂರಿಯಾಗಿ ನೆರವೇರಿತು. ಈ ಸಂದರ್ಭದಲ್ಲಿ ದೇವಾಲಯದ ಪ್ರಧಾನ ಅರ್ಚಕರು ಹಾಗೂ ಪರಿಚಾರಕರು ಶ್ರೀ ಸ್ವಾಮಿಯವರಿಗೆ ವಿಶೇಷ ಪೂಜೆ ನೆರವೇರಿಸಿದರು. ಸಿಂಹ ವಾಹನದಲ್ಲಿ ಉತ್ಸವ ಮೂರ್ತಿಯನ್ನು ಕುಳ್ಳಿರಿಸಿ ರಾಜ ಬೀದಿಗಳಲ್ಲಿ ಮೆರವಣಿಗೆ ನಡೆಯಿತು. ಸಾಗುವ ಈ ಸಂದರ್ಭದಲ್ಲಿ ಶಿಕ್ಷಣ ಇಲಾಖೆಯ ಅಧಿಕಾರಿಗಳು ಭಾಗವಹಿಸಿದ್ದರು. ಉತ್ಸವದಲ್ಲಿ ಸಾಂಪ್ರದಾಯಿಕ ವಾದ್ಯಗಳು ಮೆರುಗು ನೀಡಿದವು. ಭಕ್ತರು ಭಕ್ತಿಭಾವದಿಂದ ಪಾಲ್ಗೊಂಡಿದ್ದರು. ಇದೇ ಸಂದರ್ಭದಲ್ಲಿ ದೇವಾಲಯದ ಆಡಳಿತಾಧಿಕಾರಿ ಶ್ರೀ ಶ್ರೀ. ನೇಮಿರಾಜ್ ಮತ್ತು ಸಿಬ್ಬಂದಿ ವರ್ಗದವರು ಉಪಸ್ಥಿತರಿದ್ದರು. ಶಿಕ್ಷಕರು ಮಂಜುನಾಥ್, ಅನಿಲ್ ಗಿರೀಶ್, ಜಗದೀಶ್ ಸೇರಿದಂತೆ ಹಲವರು ಪಾಲ್ಗೊಂಡಿದ್ದರು. 2
